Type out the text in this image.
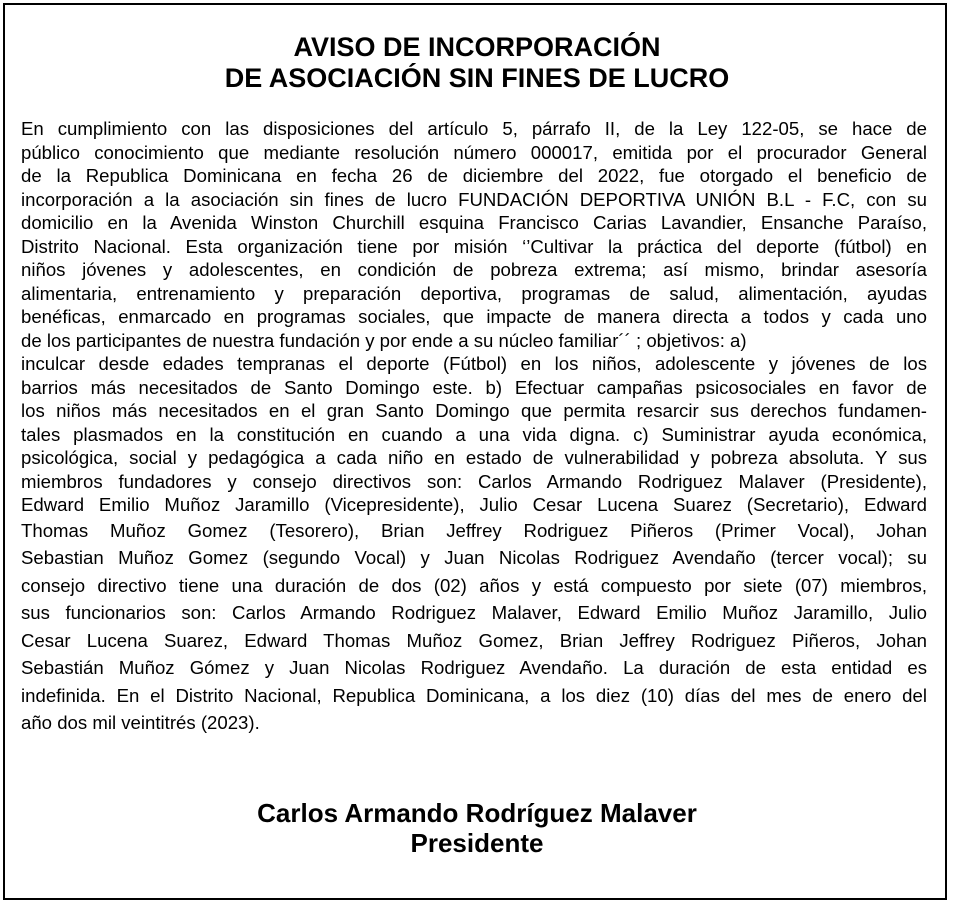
AVISO DE INCORPORACIÓN
DE ASOCIACIÓN SIN FINES DE LUCRO
En cumplimiento con las disposiciones del artículo 5, párrafo II, de la Ley 122-05, se hace de
público conocimiento que mediante resolución número 000017, emitida por el procurador General
de la Republica Dominicana en fecha 26 de diciembre del 2022, fue otorgado el beneficio de
incorporación a la asociación sin fines de lucro FUNDACIÓN DEPORTIVA UNIÓN B.L - F.C, con su
domicilio en la Avenida Winston Churchill esquina Francisco Carias Lavandier, Ensanche Paraíso,
Distrito Nacional. Esta organización tiene por misión ‘’Cultivar la práctica del deporte (fútbol) en
niños jóvenes y adolescentes, en condición de pobreza extrema; así mismo, brindar asesoría
alimentaria, entrenamiento y preparación deportiva, programas de salud, alimentación, ayudas
benéficas, enmarcado en programas sociales, que impacte de manera directa a todos y cada uno
de los participantes de nuestra fundación y por ende a su núcleo familiar´´ ; objetivos: a)
inculcar desde edades tempranas el deporte (Fútbol) en los niños, adolescente y jóvenes de los
barrios más necesitados de Santo Domingo este. b) Efectuar campañas psicosociales en favor de
los niños más necesitados en el gran Santo Domingo que permita resarcir sus derechos fundamen-
tales plasmados en la constitución en cuando a una vida digna. c) Suministrar ayuda económica,
psicológica, social y pedagógica a cada niño en estado de vulnerabilidad y pobreza absoluta. Y sus
miembros fundadores y consejo directivos son: Carlos Armando Rodriguez Malaver (Presidente),
Edward Emilio Muñoz Jaramillo (Vicepresidente), Julio Cesar Lucena Suarez (Secretario), Edward
Thomas Muñoz Gomez (Tesorero), Brian Jeffrey Rodriguez Piñeros (Primer Vocal), Johan
Sebastian Muñoz Gomez (segundo Vocal) y Juan Nicolas Rodriguez Avendaño (tercer vocal); su
consejo directivo tiene una duración de dos (02) años y está compuesto por siete (07) miembros,
sus funcionarios son: Carlos Armando Rodriguez Malaver, Edward Emilio Muñoz Jaramillo, Julio
Cesar Lucena Suarez, Edward Thomas Muñoz Gomez, Brian Jeffrey Rodriguez Piñeros, Johan
Sebastián Muñoz Gómez y Juan Nicolas Rodriguez Avendaño. La duración de esta entidad es
indefinida. En el Distrito Nacional, Republica Dominicana, a los diez (10) días del mes de enero del
año dos mil veintitrés (2023).
Carlos Armando Rodríguez Malaver
Presidente
